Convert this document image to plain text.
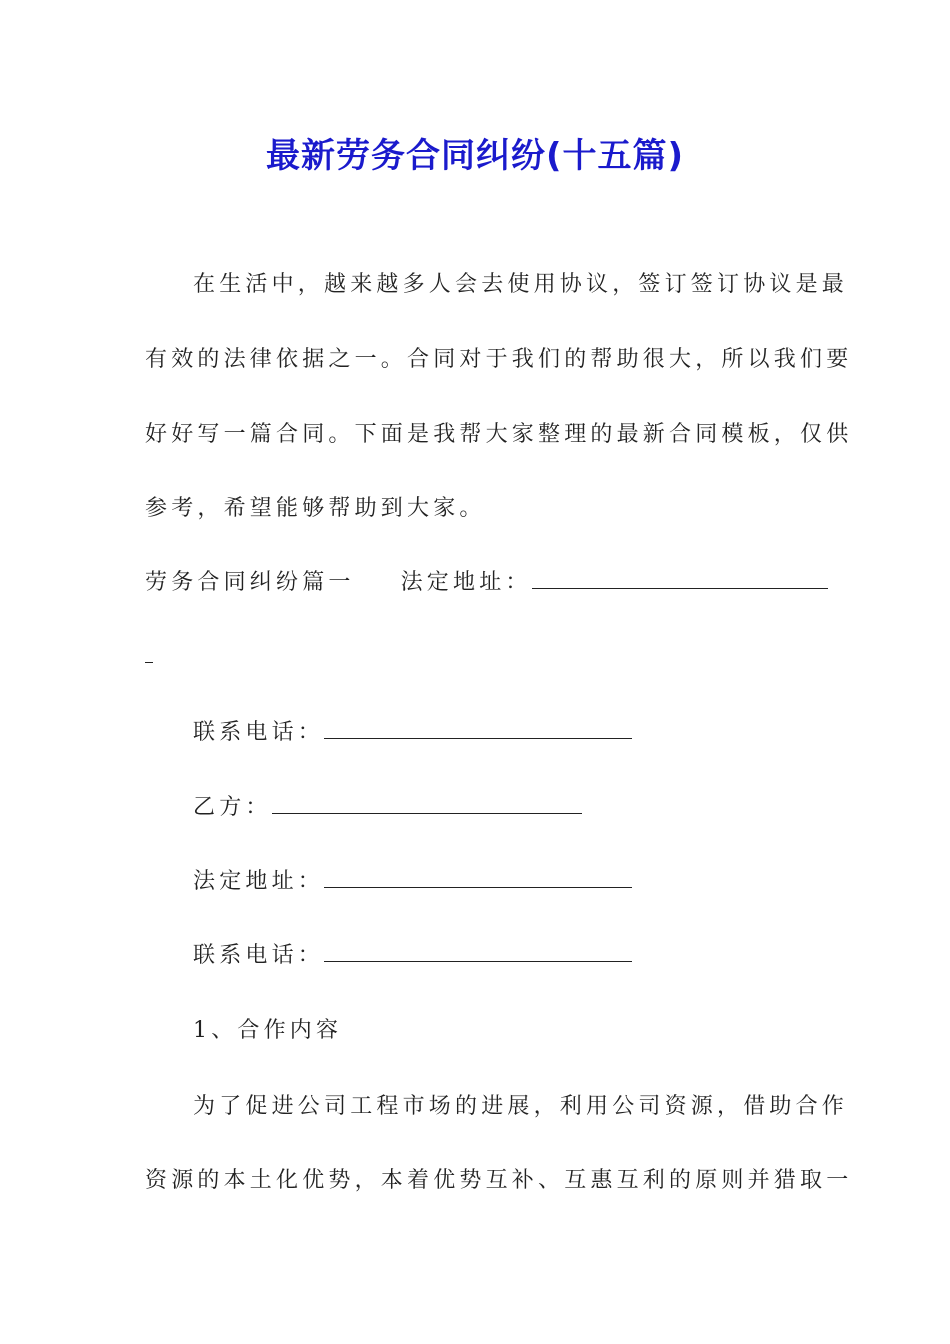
最新劳务合同纠纷(十五篇)
在生活中，越来越多人会去使用协议，签订签订协议是最
有效的法律依据之一。合同对于我们的帮助很大，所以我们要
好好写一篇合同。下面是我帮大家整理的最新合同模板，仅供
参考，希望能够帮助到大家。
劳务合同纠纷篇一 法定地址：
联系电话：
乙方：
法定地址：
联系电话：
1、合作内容
为了促进公司工程市场的进展，利用公司资源，借助合作
资源的本土化优势，本着优势互补、互惠互利的原则并猎取一
